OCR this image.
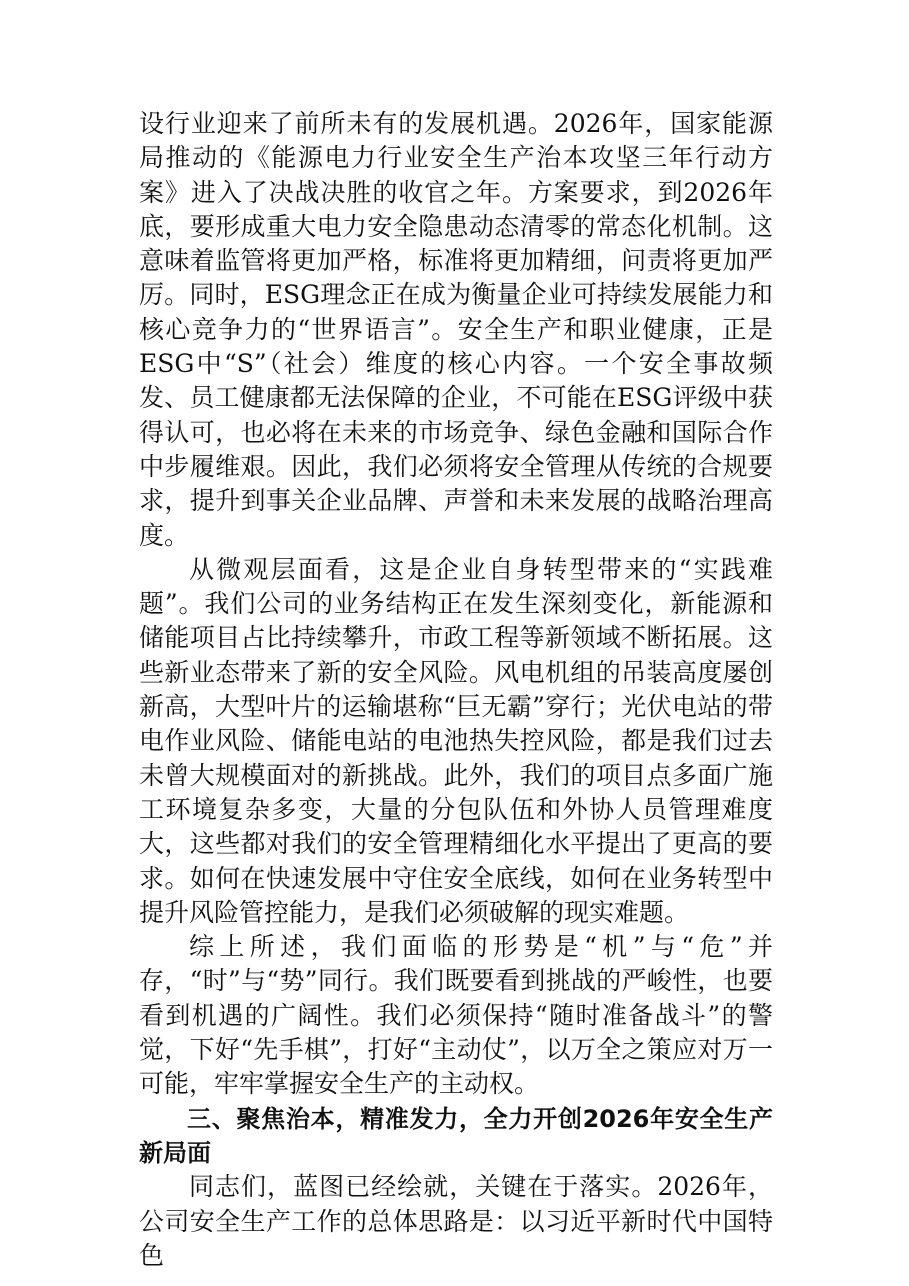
设行业迎来了前所未有的发展机遇。2026年，国家能源局推动的《能源电力行业安全生产治本攻坚三年行动方案》进入了决战决胜的收官之年。方案要求，到2026年底，要形成重大电力安全隐患动态清零的常态化机制。这意味着监管将更加严格，标准将更加精细，问责将更加严厉。同时，ESG理念正在成为衡量企业可持续发展能力和核心竞争力的“世界语言”。安全生产和职业健康，正是ESG中“S”（社会）维度的核心内容。一个安全事故频发、员工健康都无法保障的企业，不可能在ESG评级中获得认可，也必将在未来的市场竞争、绿色金融和国际合作中步履维艰。因此，我们必须将安全管理从传统的合规要求，提升到事关企业品牌、声誉和未来发展的战略治理高度。

从微观层面看，这是企业自身转型带来的“实践难题”。我们公司的业务结构正在发生深刻变化，新能源和储能项目占比持续攀升，市政工程等新领域不断拓展。这些新业态带来了新的安全风险。风电机组的吊装高度屡创新高，大型叶片的运输堪称“巨无霸”穿行；光伏电站的带电作业风险、储能电站的电池热失控风险，都是我们过去未曾大规模面对的新挑战。此外，我们的项目点多面广施工环境复杂多变，大量的分包队伍和外协人员管理难度大，这些都对我们的安全管理精细化水平提出了更高的要求。如何在快速发展中守住安全底线，如何在业务转型中提升风险管控能力，是我们必须破解的现实难题。

综上所述，我们面临的形势是“机”与“危”并存，“时”与“势”同行。我们既要看到挑战的严峻性，也要看到机遇的广阔性。我们必须保持“随时准备战斗”的警觉，下好“先手棋”，打好“主动仗”，以万全之策应对万一可能，牢牢掌握安全生产的主动权。

三、聚焦治本，精准发力，全力开创2026年安全生产新局面

同志们，蓝图已经绘就，关键在于落实。2026年，公司安全生产工作的总体思路是：以习近平新时代中国特色
